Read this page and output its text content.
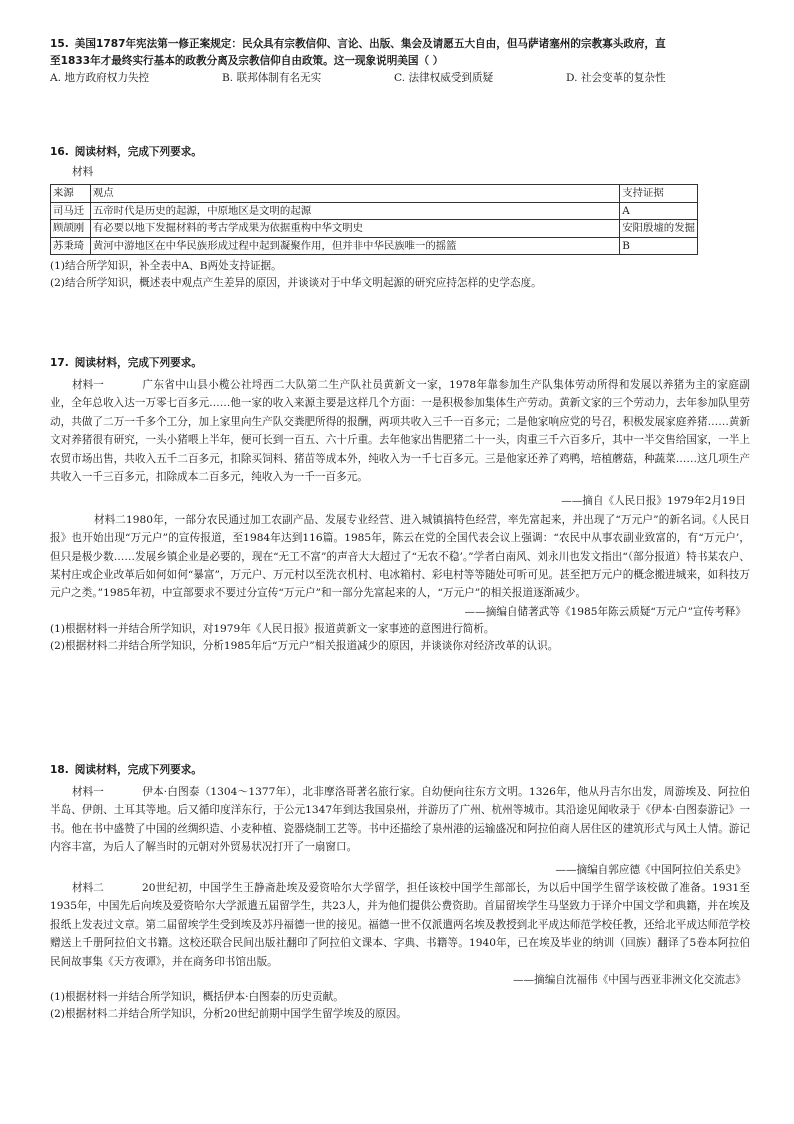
15. 美国1787年宪法第一修正案规定：民众具有宗教信仰、言论、出版、集会及请愿五大自由，但马萨诸塞州的宗教寡头政府，直
至1833年才最终实行基本的政教分离及宗教信仰自由政策。这一现象说明美国（ ）
A. 地方政府权力失控	B. 联邦体制有名无实	C. 法律权威受到质疑	D. 社会变革的复杂性
16. 阅读材料，完成下列要求。
材料
来源	观点	支持证据
司马迁	五帝时代是历史的起源，中原地区是文明的起源	A
顾颉刚	有必要以地下发掘材料的考古学成果为依据重构中华文明史	安阳殷墟的发掘
苏秉琦	黄河中游地区在中华民族形成过程中起到凝聚作用，但并非中华民族唯一的摇篮	B
(1)结合所学知识，补全表中A、B两处支持证据。
(2)结合所学知识，概述表中观点产生差异的原因，并谈谈对于中华文明起源的研究应持怎样的史学态度。
17. 阅读材料，完成下列要求。
材料一	广东省中山县小榄公社埒西二大队第二生产队社员黄新文一家，1978年靠参加生产队集体劳动所得和发展以养猪为主的家庭副业，全年总收入达一万零七百多元……他一家的收入来源主要是这样几个方面：一是积极参加集体生产劳动。黄新文家的三个劳动力，去年参加队里劳动，共做了二万一千多个工分，加上家里向生产队交粪肥所得的报酬，两项共收入三千一百多元；二是他家响应党的号召，积极发展家庭养猪……黄新文对养猪很有研究，一头小猪喂上半年，便可长到一百五、六十斤重。去年他家出售肥猪二十一头，肉重三千六百多斤，其中一半交售给国家，一半上农贸市场出售，共收入五千二百多元，扣除买饲料、猪苗等成本外，纯收入为一千七百多元。三是他家还养了鸡鸭，培植蘑菇，种蔬菜……这几项生产共收入一千三百多元，扣除成本二百多元，纯收入为一千一百多元。
——摘自《人民日报》1979年2月19日
材料二1980年，一部分农民通过加工农副产品、发展专业经营、进入城镇搞特色经营，率先富起来，并出现了“万元户”的新名词。《人民日报》也开始出现“万元户”的宣传报道，至1984年达到116篇。1985年，陈云在党的全国代表会议上强调：“农民中从事农副业致富的，有“万元户’，但只是极少数……发展乡镇企业是必要的，现在“无工不富”的声音大大超过了“无农不稳’。”学者白南风、刘永川也发文指出“（部分报道）特书某农户、某村庄或企业改革后如何如何“暴富”，万元户、万元村以至洗衣机村、电冰箱村、彩电村等等随处可听可见。甚至把万元户的概念搬进城来，如科技万元户之类。”1985年初，中宣部要求不要过分宣传“万元户”和一部分先富起来的人，“万元户”的相关报道逐渐减少。
——摘编自储著武等《1985年陈云质疑“万元户”宣传考释》
(1)根据材料一并结合所学知识，对1979年《人民日报》报道黄新文一家事迹的意图进行简析。
(2)根据材料二并结合所学知识，分析1985年后“万元户”相关报道减少的原因，并谈谈你对经济改革的认识。
18. 阅读材料，完成下列要求。
材料一	伊本·白图泰（1304～1377年），北非摩洛哥著名旅行家。自幼便向往东方文明。1326年，他从丹吉尔出发，周游埃及、阿拉伯半岛、伊朗、土耳其等地。后又循印度洋东行，于公元1347年到达我国泉州，并游历了广州、杭州等城市。其沿途见闻收录于《伊本·白图泰游记》一书。他在书中盛赞了中国的丝绸织造、小麦种植、瓷器烧制工艺等。书中还描绘了泉州港的运输盛况和阿拉伯商人居住区的建筑形式与风土人情。游记内容丰富，为后人了解当时的元朝对外贸易状况打开了一扇窗口。
——摘编自郭应德《中国阿拉伯关系史》
材料二	20世纪初，中国学生王静斋赴埃及爱资哈尔大学留学，担任该校中国学生部部长，为以后中国学生留学该校做了准备。1931至1935年，中国先后向埃及爱资哈尔大学派遣五届留学生，共23人，并为他们提供公费资助。首届留埃学生马坚致力于译介中国文学和典籍，并在埃及报纸上发表过文章。第二届留埃学生受到埃及苏丹福德一世的接见。福德一世不仅派遣两名埃及教授到北平成达师范学校任教，还给北平成达师范学校赠送上千册阿拉伯文书籍。这校还联合民间出版社翻印了阿拉伯文课本、字典、书籍等。1940年，已在埃及毕业的纳训（回族）翻译了5卷本阿拉伯民间故事集《天方夜谭》，并在商务印书馆出版。
——摘编自沈福伟《中国与西亚非洲文化交流志》
(1)根据材料一并结合所学知识，概括伊本·白图泰的历史贡献。
(2)根据材料二并结合所学知识，分析20世纪前期中国学生留学埃及的原因。
